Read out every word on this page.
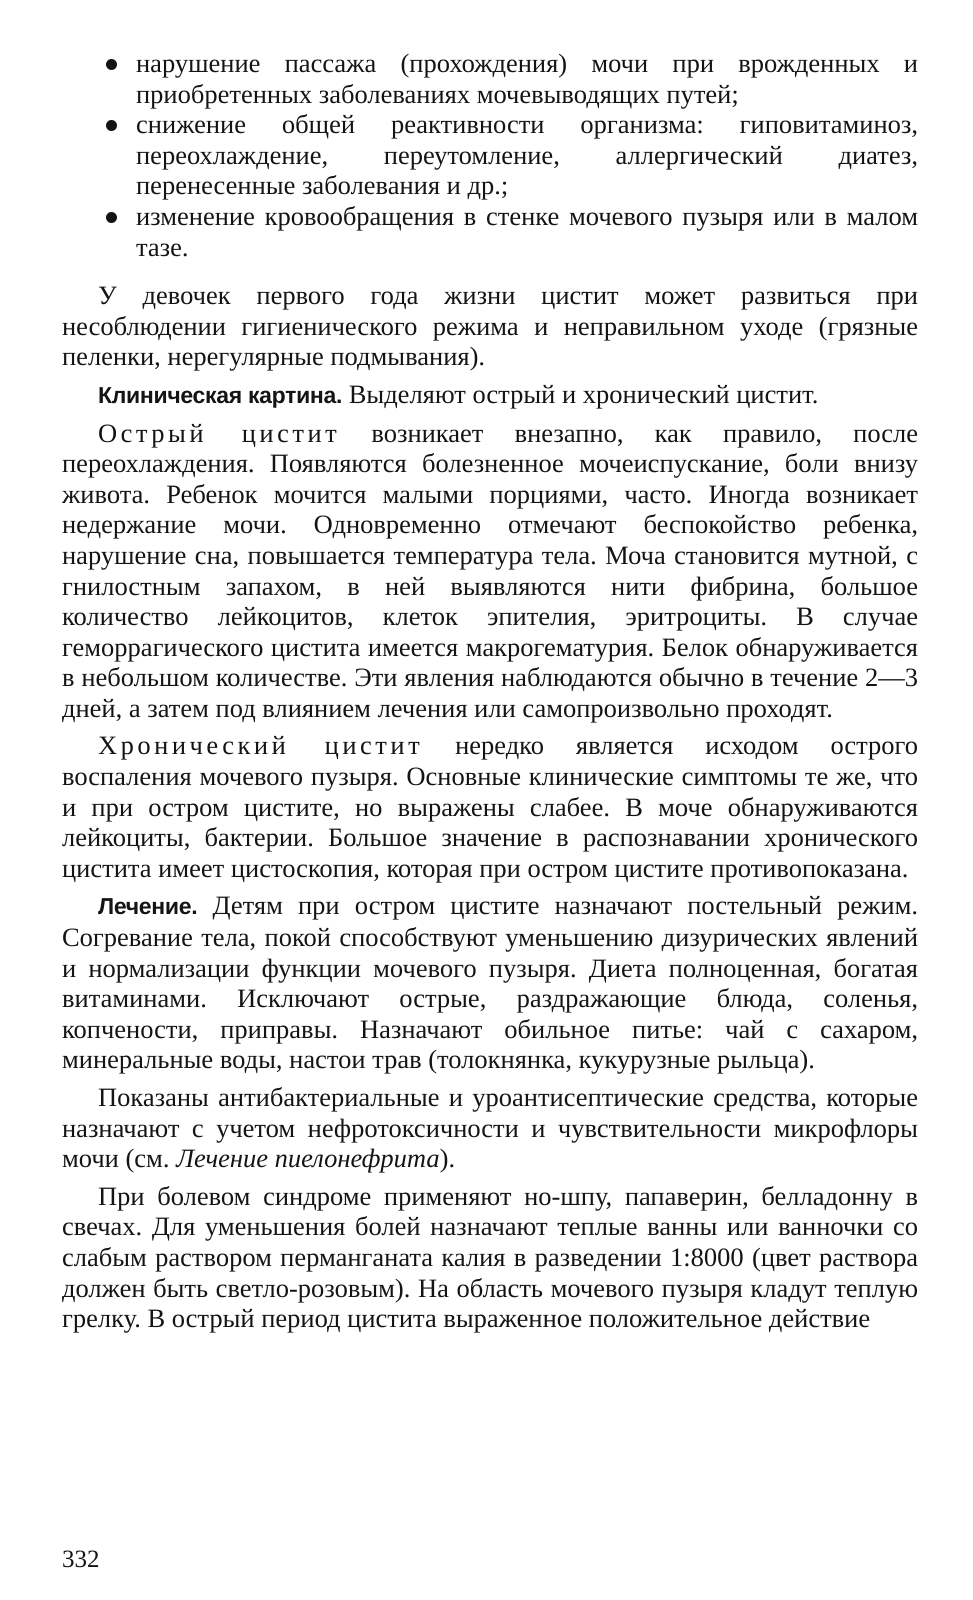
нарушение пассажа (прохождения) мочи при врожденных и приобретенных заболеваниях мочевыводящих путей;
снижение общей реактивности организма: гиповитаминоз, переохлаждение, переутомление, аллергический диатез, перенесенные заболевания и др.;
изменение кровообращения в стенке мочевого пузыря или в малом тазе.

У девочек первого года жизни цистит может развиться при несоблюдении гигиенического режима и неправильном уходе (грязные пеленки, нерегулярные подмывания).

Клиническая картина. Выделяют острый и хронический цистит.

Острый цистит возникает внезапно, как правило, после переохлаждения. Появляются болезненное мочеиспускание, боли внизу живота. Ребенок мочится малыми порциями, часто. Иногда возникает недержание мочи. Одновременно отмечают беспокойство ребенка, нарушение сна, повышается температура тела. Моча становится мутной, с гнилостным запахом, в ней выявляются нити фибрина, большое количество лейкоцитов, клеток эпителия, эритроциты. В случае геморрагического цистита имеется макрогематурия. Белок обнаруживается в небольшом количестве. Эти явления наблюдаются обычно в течение 2—3 дней, а затем под влиянием лечения или самопроизвольно проходят.

Хронический цистит нередко является исходом острого воспаления мочевого пузыря. Основные клинические симптомы те же, что и при остром цистите, но выражены слабее. В моче обнаруживаются лейкоциты, бактерии. Большое значение в распознавании хронического цистита имеет цистоскопия, которая при остром цистите противопоказана.

Лечение. Детям при остром цистите назначают постельный режим. Согревание тела, покой способствуют уменьшению дизурических явлений и нормализации функции мочевого пузыря. Диета полноценная, богатая витаминами. Исключают острые, раздражающие блюда, соленья, копчености, приправы. Назначают обильное питье: чай с сахаром, минеральные воды, настои трав (толокнянка, кукурузные рыльца).

Показаны антибактериальные и уроантисептические средства, которые назначают с учетом нефротоксичности и чувствительности микрофлоры мочи (см. Лечение пиелонефрита).

При болевом синдроме применяют но-шпу, папаверин, белладонну в свечах. Для уменьшения болей назначают теплые ванны или ванночки со слабым раствором перманганата калия в разведении 1:8000 (цвет раствора должен быть светло-розовым). На область мочевого пузыря кладут теплую грелку. В острый период цистита выраженное положительное действие

332
